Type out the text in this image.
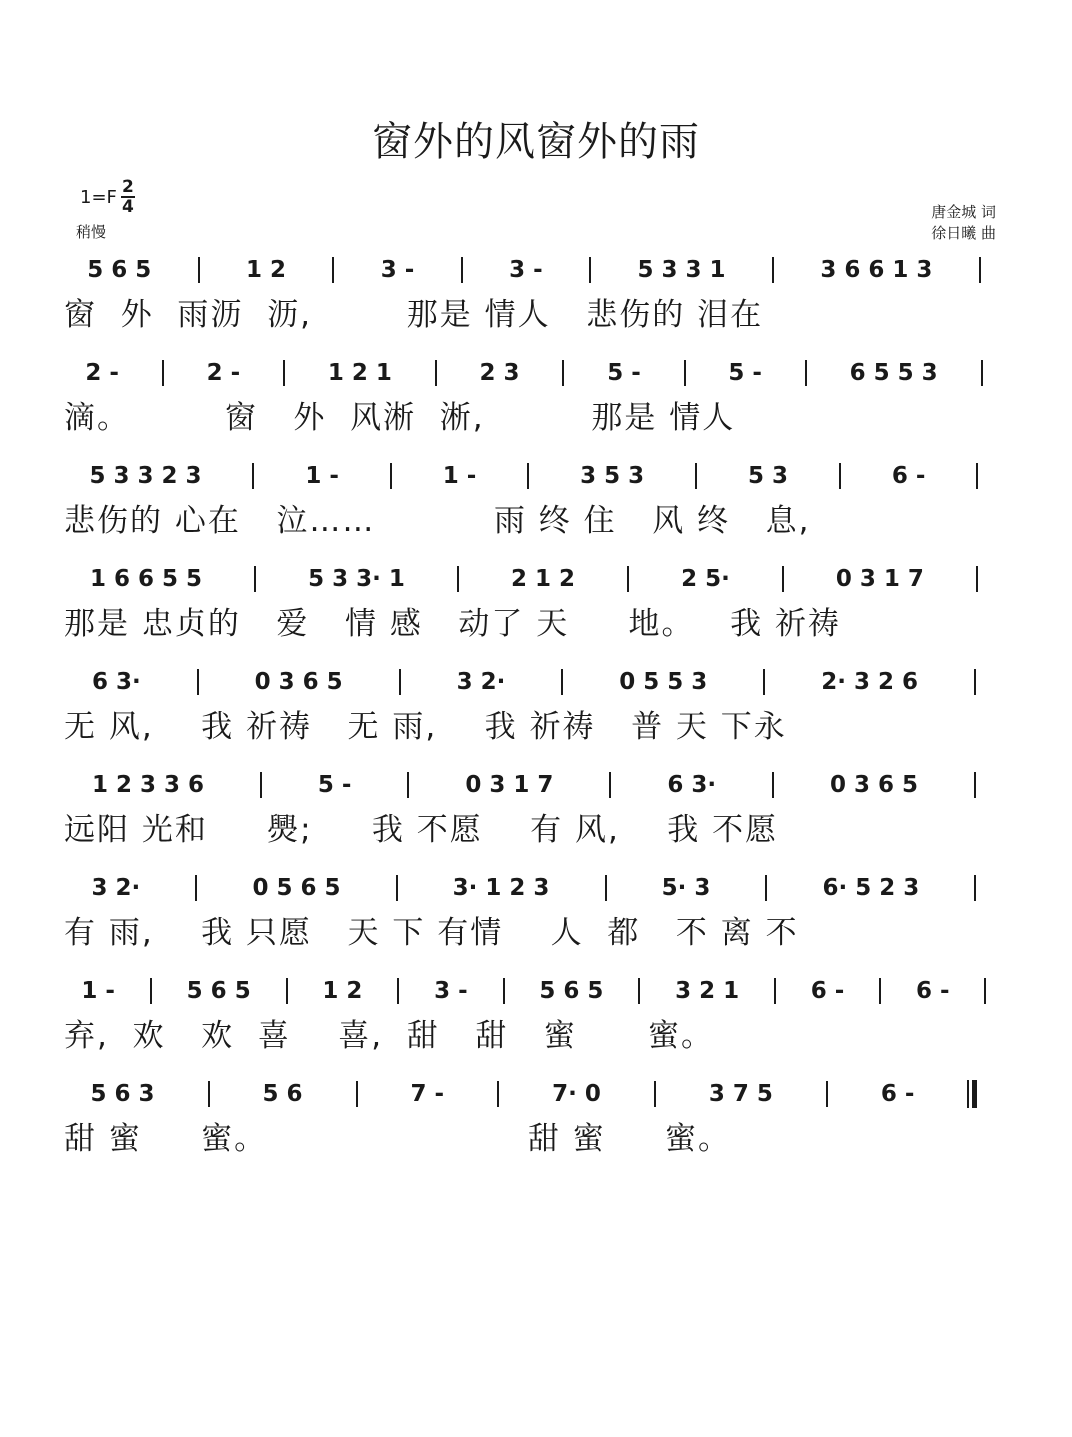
窗外的风窗外的雨
$1=F \frac{2}{4}$
稍慢
唐金城 词
徐日曦 曲
5 6 5	1 2	3 -	3 -	5 3 3 1	3 6 6 1 3
窗  外  雨沥  沥,        那是 情人   悲伤的 泪在
2 -	2 -	1 2 1	2 3	5 -	5 -	6 5 5 3
滴。        窗   外  风淅  淅,         那是 情人
5 3 3 2 3	1 -	1 -	3 5 3	5 3	6 -
悲伤的 心在   泣……          雨 终 住   风 终   息,
1 6 6 5 5	5 3 3· 1	2 1 2	2 5·	0 3 1 7
那是 忠贞的   爱   情 感   动了 天     地。   我 祈祷
6 3·	0 3 6 5	3 2·	0 5 5 3	2· 3 2 6
无 风,    我 祈祷   无 雨,    我 祈祷   普 天 下永
1 2 3 3 6	5 -	0 3 1 7	6 3·	0 3 6 5
远阳 光和     爂;     我 不愿    有 风,    我 不愿
3 2·	0 5 6 5	3· 1 2 3	5· 3	6· 5 2 3
有 雨,    我 只愿   天 下 有情    人  都   不 离 不
1 -	5 6 5	1 2	3 -	5 6 5	3 2 1	6 -	6 -
弃,  欢   欢  喜    喜,  甜   甜   蜜      蜜。
5 6 3	5 6	7 -	7· 0	3 7 5	6 -
甜 蜜     蜜。                      甜 蜜     蜜。
